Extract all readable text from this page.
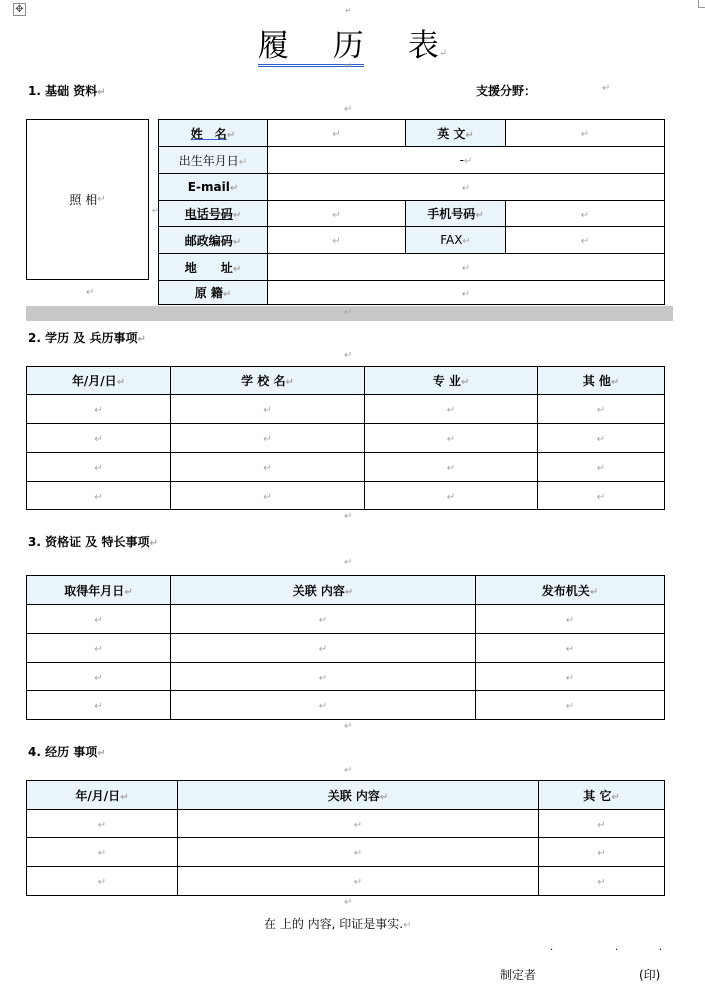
✥	↵
履 历 表↵
↵
1. 基础 资料↵	支援分野：	↵
↵
照 相 ↵
↵
↵
姓　名↵	↵	英 文↵	↵
出生年月日↵	-↵		
E-mail↵	↵		
电话号码↵	↵	手机号码↵	↵
邮政编码↵	↵	FAX↵	↵
地　　址↵	↵		
原 籍↵	↵		
↵
2. 学历 及 兵历事项↵
↵
年/月/日↵	学 校 名↵	专 业↵	其 他↵
↵	↵	↵	↵
↵	↵	↵	↵
↵	↵	↵	↵
↵	↵	↵	↵
↵
3. 资格证 及 特长事项↵
↵
取得年月日↵	关联 内容↵	发布机关↵
↵	↵	↵
↵	↵	↵
↵	↵	↵
↵	↵	↵
↵
4. 经历 事项↵
↵
年/月/日↵	关联 内容↵	其 它↵
↵	↵	↵
↵	↵	↵
↵	↵	↵
↵
在 上的 内容, 印证是事实.↵
.	.	.
制定者	(印)
